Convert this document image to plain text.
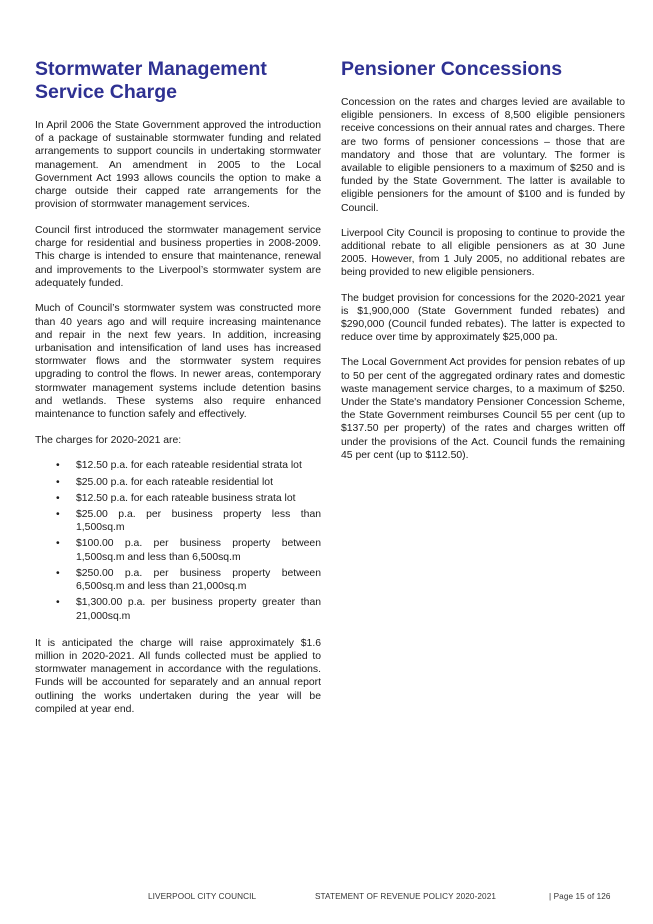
Stormwater Management Service Charge

In April 2006 the State Government approved the introduction of a package of sustainable stormwater funding and related arrangements to support councils in undertaking stormwater management. An amendment in 2005 to the Local Government Act 1993 allows councils the option to make a charge outside their capped rate arrangements for the provision of stormwater management services.

Council first introduced the stormwater management service charge for residential and business properties in 2008-2009. This charge is intended to ensure that maintenance, renewal and improvements to the Liverpool’s stormwater system are adequately funded.

Much of Council’s stormwater system was constructed more than 40 years ago and will require increasing maintenance and repair in the next few years. In addition, increasing urbanisation and intensification of land uses has increased stormwater flows and the stormwater system requires upgrading to control the flows. In newer areas, contemporary stormwater management systems include detention basins and wetlands. These systems also require enhanced maintenance to function safely and effectively.

The charges for 2020-2021 are:

• $12.50 p.a. for each rateable residential strata lot
• $25.00 p.a. for each rateable residential lot
• $12.50 p.a. for each rateable business strata lot
• $25.00 p.a. per business property less than 1,500sq.m
• $100.00 p.a. per business property between 1,500sq.m and less than 6,500sq.m
• $250.00 p.a. per business property between 6,500sq.m and less than 21,000sq.m
• $1,300.00 p.a. per business property greater than 21,000sq.m

It is anticipated the charge will raise approximately $1.6 million in 2020-2021. All funds collected must be applied to stormwater management in accordance with the regulations. Funds will be accounted for separately and an annual report outlining the works undertaken during the year will be compiled at year end.

Pensioner Concessions

Concession on the rates and charges levied are available to eligible pensioners. In excess of 8,500 eligible pensioners receive concessions on their annual rates and charges. There are two forms of pensioner concessions – those that are mandatory and those that are voluntary. The former is available to eligible pensioners to a maximum of $250 and is funded by the State Government. The latter is available to eligible pensioners for the amount of $100 and is funded by Council.

Liverpool City Council is proposing to continue to provide the additional rebate to all eligible pensioners as at 30 June 2005. However, from 1 July 2005, no additional rebates are being provided to new eligible pensioners.

The budget provision for concessions for the 2020-2021 year is $1,900,000 (State Government funded rebates) and $290,000 (Council funded rebates). The latter is expected to reduce over time by approximately $25,000 pa.

The Local Government Act provides for pension rebates of up to 50 per cent of the aggregated ordinary rates and domestic waste management service charges, to a maximum of $250. Under the State's mandatory Pensioner Concession Scheme, the State Government reimburses Council 55 per cent (up to $137.50 per property) of the rates and charges written off under the provisions of the Act. Council funds the remaining 45 per cent (up to $112.50).

LIVERPOOL CITY COUNCIL	STATEMENT OF REVENUE POLICY 2020-2021	| Page 15 of 126
